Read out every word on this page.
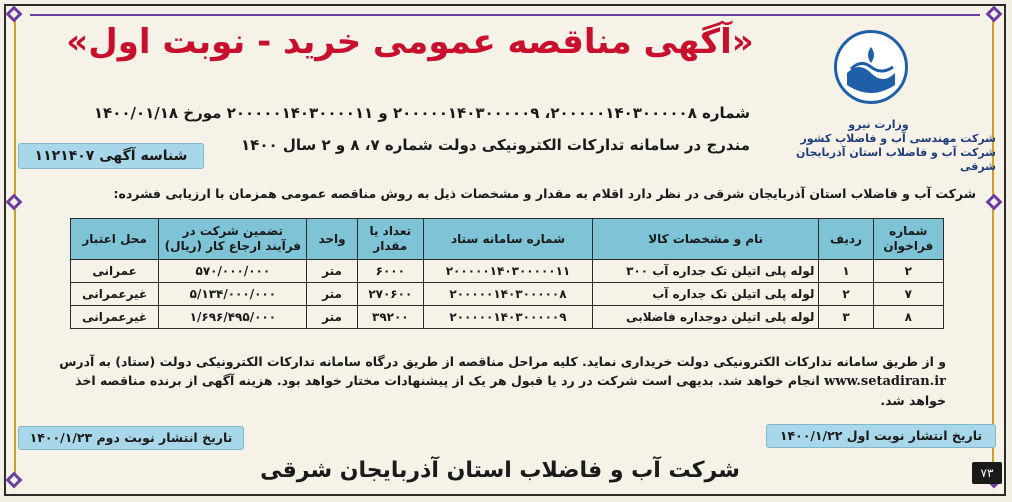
«آگهی مناقصه عمومی خرید - نوبت اول»
وزارت نیرو
شرکت مهندسی آب و فاضلاب کشور
شرکت آب و فاضلاب استان آذربایجان شرقی
شماره ۲۰۰۰۰۰۱۴۰۳۰۰۰۰۰۸، ۲۰۰۰۰۰۱۴۰۳۰۰۰۰۰۹ و ۲۰۰۰۰۰۱۴۰۳۰۰۰۰۱۱ مورخ ۱۴۰۰/۰۱/۱۸
مندرج در سامانه تدارکات الکترونیکی دولت شماره ۷، ۸ و ۲ سال ۱۴۰۰
شناسه آگهی ۱۱۲۱۴۰۷
شرکت آب و فاضلاب استان آذربایجان شرقی در نظر دارد اقلام به مقدار و مشخصات ذیل به روش مناقصه عمومی همزمان با ارزیابی فشرده:
شماره فراخوان	ردیف	نام و مشخصات کالا	شماره سامانه ستاد	تعداد یا مقدار	واحد	تضمین شرکت در فرآیند ارجاع کار (ریال)	محل اعتبار
۲	۱	لوله پلی اتیلن تک جداره آب ۳۰۰	۲۰۰۰۰۰۱۴۰۳۰۰۰۰۰۱۱	۶۰۰۰	متر	۵۷۰/۰۰۰/۰۰۰	عمرانی
۷	۲	لوله پلی اتیلن تک جداره آب	۲۰۰۰۰۰۱۴۰۳۰۰۰۰۰۸	۲۷۰۶۰۰	متر	۵/۱۳۴/۰۰۰/۰۰۰	غیرعمرانی
۸	۳	لوله پلی اتیلن دوجداره فاضلابی	۲۰۰۰۰۰۱۴۰۳۰۰۰۰۰۹	۳۹۲۰۰	متر	۱/۶۹۶/۴۹۵/۰۰۰	غیرعمرانی
و از طریق سامانه تدارکات الکترونیکی دولت خریداری نماید. کلیه مراحل مناقصه از طریق درگاه سامانه تدارکات الکترونیکی دولت (ستاد) به آدرس
www.setadiran.ir انجام خواهد شد. بدیهی است شرکت در رد یا قبول هر یک از پیشنهادات مختار خواهد بود. هزینه آگهی از برنده مناقصه اخذ
خواهد شد.
تاریخ انتشار نوبت اول ۱۴۰۰/۱/۲۲
تاریخ انتشار نوبت دوم ۱۴۰۰/۱/۲۳
شرکت آب و فاضلاب استان آذربایجان شرقی	۷۳
